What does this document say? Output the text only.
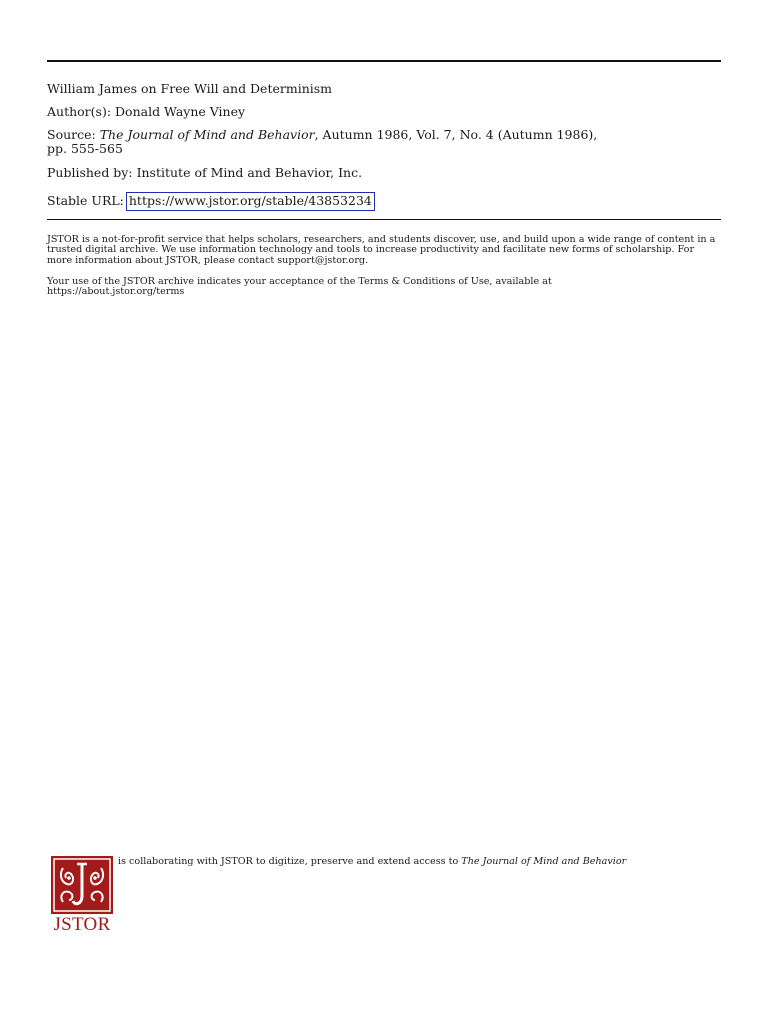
William James on Free Will and Determinism
Author(s): Donald Wayne Viney
Source: The Journal of Mind and Behavior, Autumn 1986, Vol. 7, No. 4 (Autumn 1986),
pp. 555-565
Published by: Institute of Mind and Behavior, Inc.
Stable URL: https://www.jstor.org/stable/43853234
JSTOR is a not-for-profit service that helps scholars, researchers, and students discover, use, and build upon a wide range of content in a trusted digital archive. We use information technology and tools to increase productivity and facilitate new forms of scholarship. For more information about JSTOR, please contact support@jstor.org.
Your use of the JSTOR archive indicates your acceptance of the Terms & Conditions of Use, available at
https://about.jstor.org/terms
JSTOR
is collaborating with JSTOR to digitize, preserve and extend access to The Journal of Mind and Behavior
